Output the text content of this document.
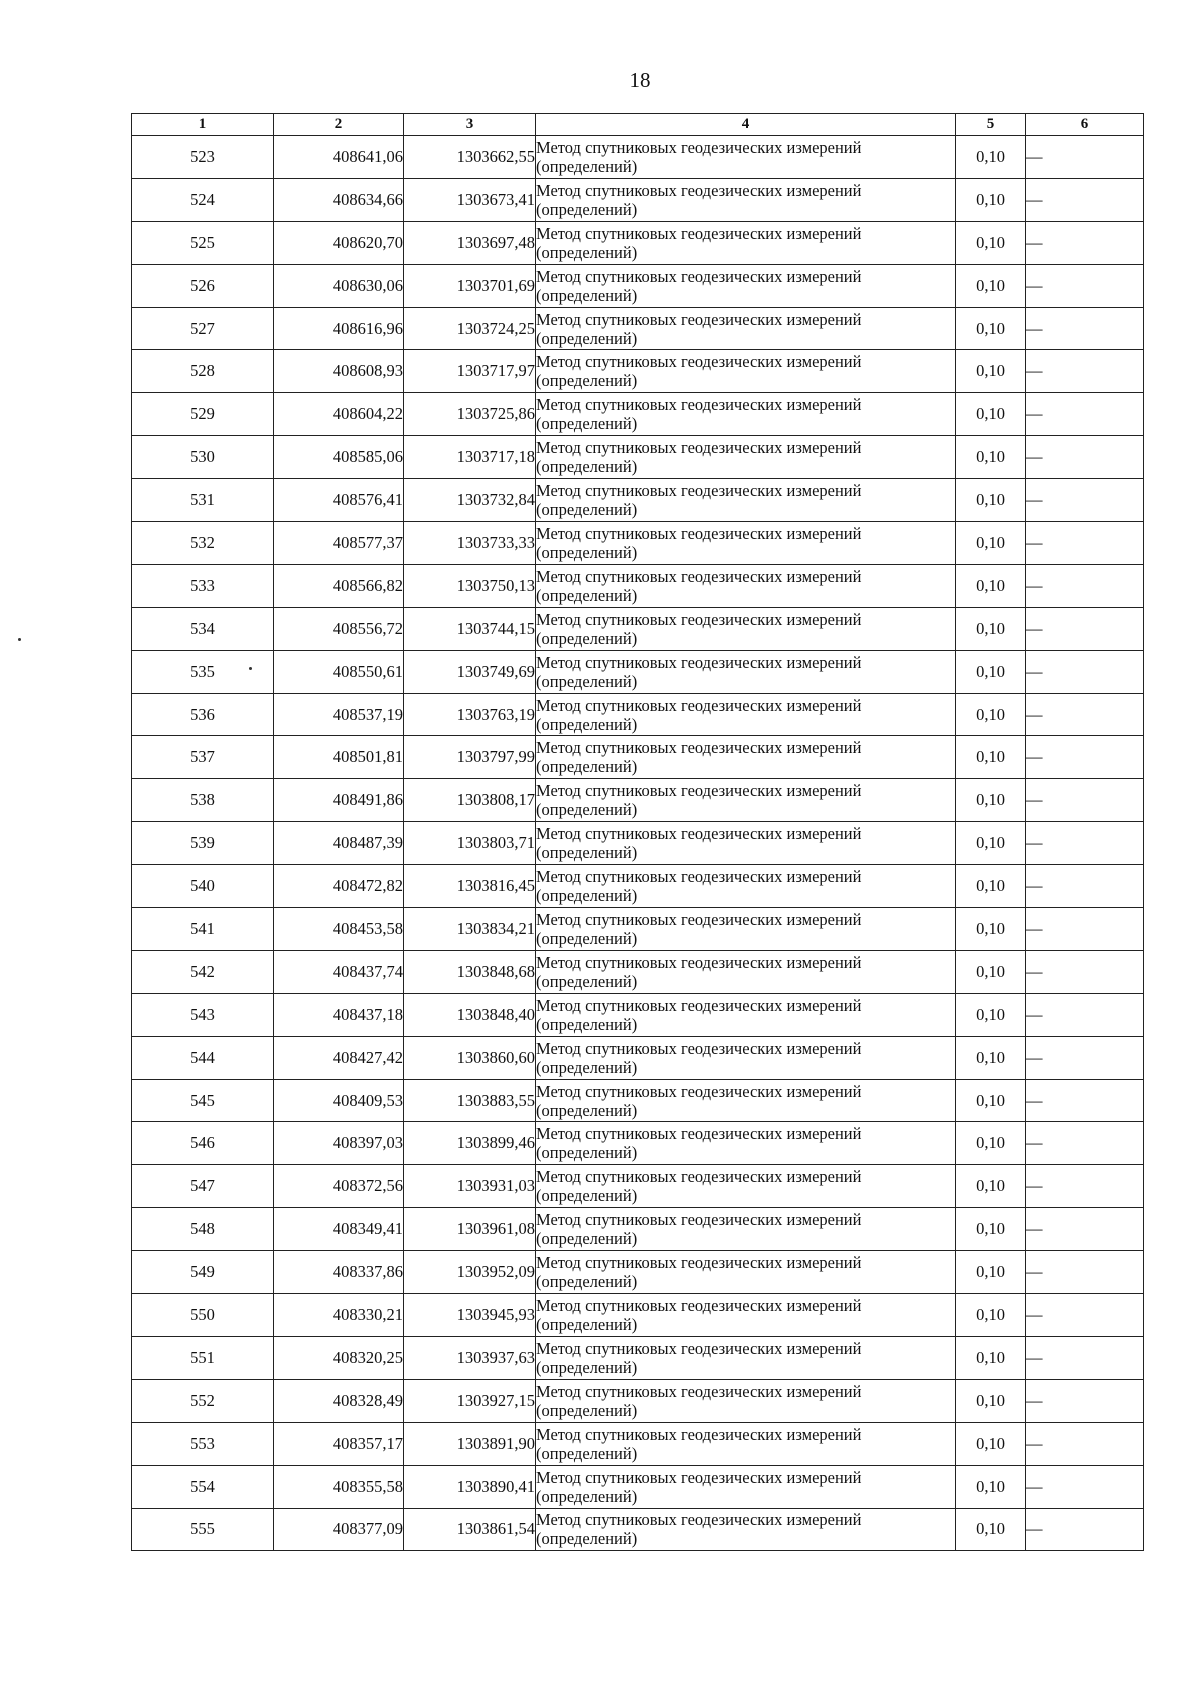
18
1	2	3	4	5	6
523	408641,06	1303662,55	Метод спутниковых геодезических измерений
(определений)	0,10	—
524	408634,66	1303673,41	Метод спутниковых геодезических измерений
(определений)	0,10	—
525	408620,70	1303697,48	Метод спутниковых геодезических измерений
(определений)	0,10	—
526	408630,06	1303701,69	Метод спутниковых геодезических измерений
(определений)	0,10	—
527	408616,96	1303724,25	Метод спутниковых геодезических измерений
(определений)	0,10	—
528	408608,93	1303717,97	Метод спутниковых геодезических измерений
(определений)	0,10	—
529	408604,22	1303725,86	Метод спутниковых геодезических измерений
(определений)	0,10	—
530	408585,06	1303717,18	Метод спутниковых геодезических измерений
(определений)	0,10	—
531	408576,41	1303732,84	Метод спутниковых геодезических измерений
(определений)	0,10	—
532	408577,37	1303733,33	Метод спутниковых геодезических измерений
(определений)	0,10	—
533	408566,82	1303750,13	Метод спутниковых геодезических измерений
(определений)	0,10	—
534	408556,72	1303744,15	Метод спутниковых геодезических измерений
(определений)	0,10	—
535	408550,61	1303749,69	Метод спутниковых геодезических измерений
(определений)	0,10	—
536	408537,19	1303763,19	Метод спутниковых геодезических измерений
(определений)	0,10	—
537	408501,81	1303797,99	Метод спутниковых геодезических измерений
(определений)	0,10	—
538	408491,86	1303808,17	Метод спутниковых геодезических измерений
(определений)	0,10	—
539	408487,39	1303803,71	Метод спутниковых геодезических измерений
(определений)	0,10	—
540	408472,82	1303816,45	Метод спутниковых геодезических измерений
(определений)	0,10	—
541	408453,58	1303834,21	Метод спутниковых геодезических измерений
(определений)	0,10	—
542	408437,74	1303848,68	Метод спутниковых геодезических измерений
(определений)	0,10	—
543	408437,18	1303848,40	Метод спутниковых геодезических измерений
(определений)	0,10	—
544	408427,42	1303860,60	Метод спутниковых геодезических измерений
(определений)	0,10	—
545	408409,53	1303883,55	Метод спутниковых геодезических измерений
(определений)	0,10	—
546	408397,03	1303899,46	Метод спутниковых геодезических измерений
(определений)	0,10	—
547	408372,56	1303931,03	Метод спутниковых геодезических измерений
(определений)	0,10	—
548	408349,41	1303961,08	Метод спутниковых геодезических измерений
(определений)	0,10	—
549	408337,86	1303952,09	Метод спутниковых геодезических измерений
(определений)	0,10	—
550	408330,21	1303945,93	Метод спутниковых геодезических измерений
(определений)	0,10	—
551	408320,25	1303937,63	Метод спутниковых геодезических измерений
(определений)	0,10	—
552	408328,49	1303927,15	Метод спутниковых геодезических измерений
(определений)	0,10	—
553	408357,17	1303891,90	Метод спутниковых геодезических измерений
(определений)	0,10	—
554	408355,58	1303890,41	Метод спутниковых геодезических измерений
(определений)	0,10	—
555	408377,09	1303861,54	Метод спутниковых геодезических измерений
(определений)	0,10	—
